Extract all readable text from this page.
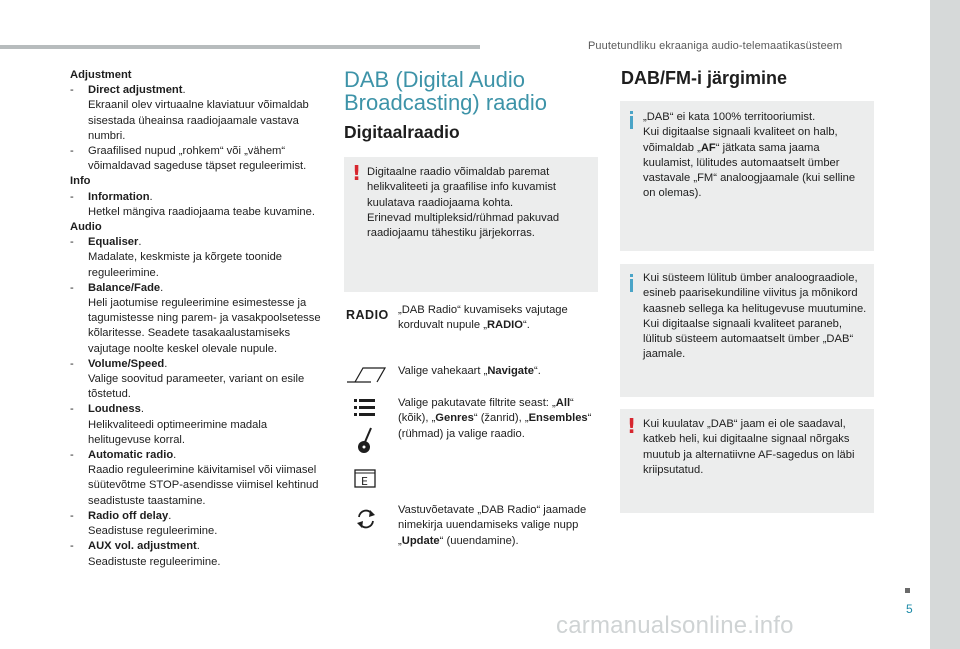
Puutetundliku ekraaniga audio-telemaatikasüsteem
Adjustment
- Direct adjustment.
Ekraanil olev virtuaalne klaviatuur võimaldab sisestada üheainsa raadiojaamale vastava numbri.
- Graafilised nupud „rohkem“ või „vähem“ võimaldavad sageduse täpset reguleerimist.
Info
- Information.
Hetkel mängiva raadiojaama teabe kuvamine.
Audio
- Equaliser.
Madalate, keskmiste ja kõrgete toonide reguleerimine.
- Balance/Fade.
Heli jaotumise reguleerimine esimestesse ja tagumistesse ning parem- ja vasakpoolsetesse kõlaritesse. Seadete tasakaalustamiseks vajutage noolte keskel olevale nupule.
- Volume/Speed.
Valige soovitud parameeter, variant on esile tõstetud.
- Loudness.
Helikvaliteedi optimeerimine madala helitugevuse korral.
- Automatic radio.
Raadio reguleerimine käivitamisel või viimasel süütevõtme STOP-asendisse viimisel kehtinud seadistuste taastamine.
- Radio off delay.
Seadistuse reguleerimine.
- AUX vol. adjustment.
Seadistuste reguleerimine.
DAB (Digital Audio Broadcasting) raadio
Digitaalraadio
! Digitaalne raadio võimaldab paremat helikvaliteeti ja graafilise info kuvamist kuulatava raadiojaama kohta.
Erinevad multipleksid/rühmad pakuvad raadiojaamu tähestiku järjekorras.
RADIO „DAB Radio“ kuvamiseks vajutage korduvalt nupule „RADIO“.
Valige vahekaart „Navigate“.
E
Valige pakutavate filtrite seast: „All“ (kõik), „Genres“ (žanrid), „Ensembles“ (rühmad) ja valige raadio.
Vastuvõetavate „DAB Radio“ jaamade nimekirja uuendamiseks valige nupp „Update“ (uuendamine).
DAB/FM-i järgimine
„DAB“ ei kata 100% territooriumist.
Kui digitaalse signaali kvaliteet on halb, võimaldab „AF“ jätkata sama jaama kuulamist, lülitudes automaatselt ümber vastavale „FM“ analoogjaamale (kui selline on olemas).
Kui süsteem lülitub ümber analoograadiole, esineb paarisekundiline viivitus ja mõnikord kaasneb sellega ka helitugevuse muutumine.
Kui digitaalse signaali kvaliteet paraneb, lülitub süsteem automaatselt ümber „DAB“ jaamale.
! Kui kuulatav „DAB“ jaam ei ole saadaval, katkeb heli, kui digitaalne signaal nõrgaks muutub ja alternatiivne AF-sagedus on läbi kriipsutatud.
5
carmanualsonline.info
